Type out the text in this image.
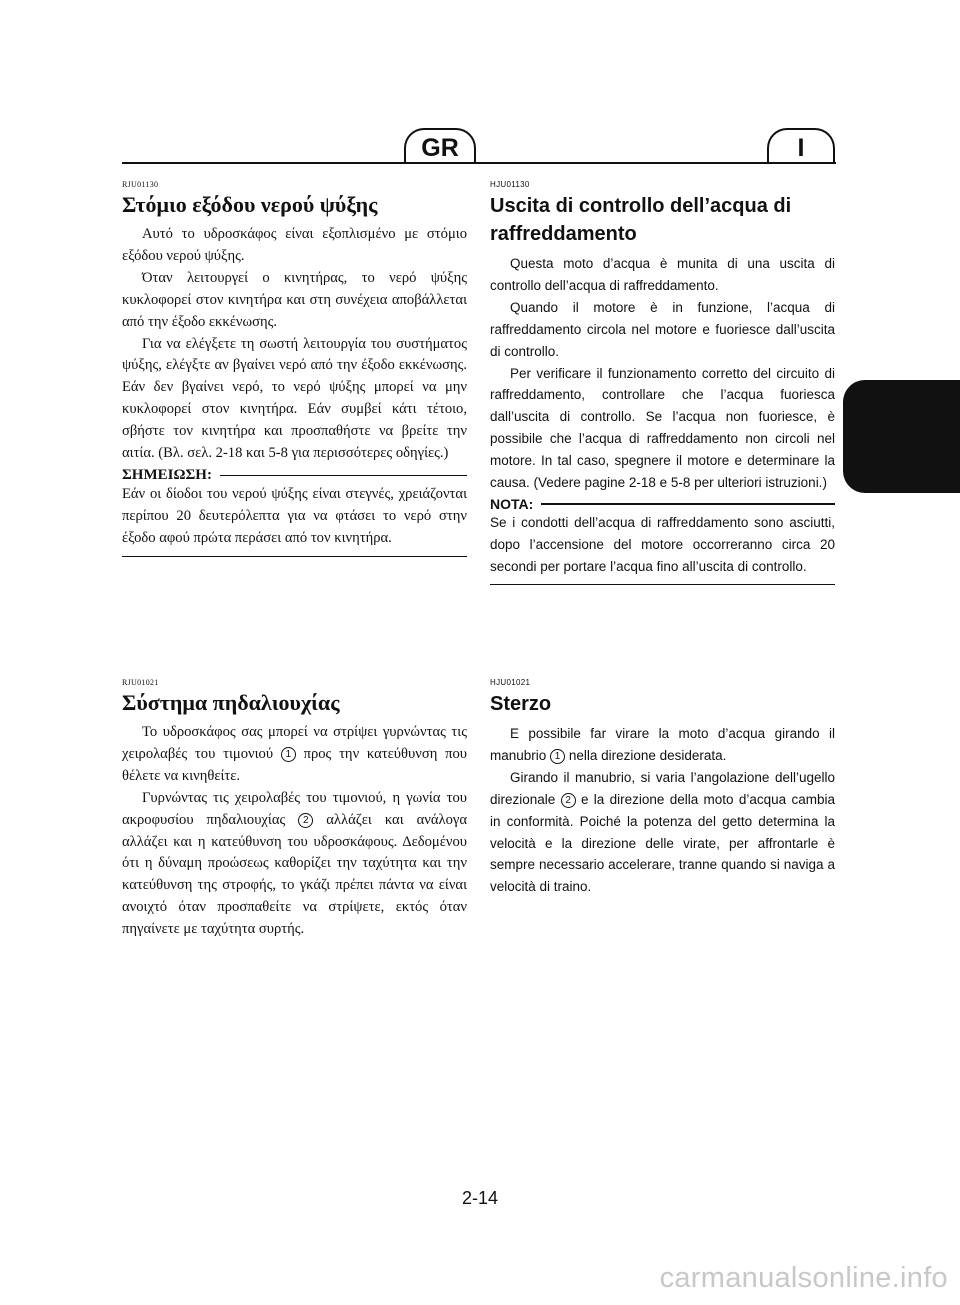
GR	I
RJU01130
Στόμιο εξόδου νερού ψύξης

Αυτό το υδροσκάφος είναι εξοπλισμένο με στόμιο εξόδου νερού ψύξης.

Όταν λειτουργεί ο κινητήρας, το νερό ψύξης κυκλοφορεί στον κινητήρα και στη συνέχεια αποβάλλεται από την έξοδο εκκένωσης.

Για να ελέγξετε τη σωστή λειτουργία του συστήματος ψύξης, ελέγξτε αν βγαίνει νερό από την έξοδο εκκένωσης. Εάν δεν βγαίνει νερό, το νερό ψύξης μπορεί να μην κυκλοφορεί στον κινητήρα. Εάν συμβεί κάτι τέτοιο, σβήστε τον κινητήρα και προσπαθήστε να βρείτε την αιτία. (Βλ. σελ. 2-18 και 5-8 για περισσότερες οδηγίες.)

ΣΗΜΕΙΩΣΗ:

Εάν οι δίοδοι του νερού ψύξης είναι στεγνές, χρειάζονται περίπου 20 δευτερόλεπτα για να φτάσει το νερό στην έξοδο αφού πρώτα περάσει από τον κινητήρα.

HJU01130
Uscita di controllo dell’acqua di raffreddamento

Questa moto d’acqua è munita di una uscita di controllo dell’acqua di raffreddamento.

Quando il motore è in funzione, l’acqua di raffreddamento circola nel motore e fuoriesce dall’uscita di controllo.

Per verificare il funzionamento corretto del circuito di raffreddamento, controllare che l’acqua fuoriesca dall’uscita di controllo. Se l’acqua non fuoriesce, è possibile che l’acqua di raffreddamento non circoli nel motore. In tal caso, spegnere il motore e determinare la causa. (Vedere pagine 2-18 e 5-8 per ulteriori istruzioni.)

NOTA:

Se i condotti dell’acqua di raffreddamento sono asciutti, dopo l’accensione del motore occorreranno circa 20 secondi per portare l’acqua fino all’uscita di controllo.

RJU01021
Σύστημα πηδαλιουχίας

Το υδροσκάφος σας μπορεί να στρίψει γυρνώντας τις χειρολαβές του τιμονιού 1 προς την κατεύθυνση που θέλετε να κινηθείτε.

Γυρνώντας τις χειρολαβές του τιμονιού, η γωνία του ακροφυσίου πηδαλιουχίας 2 αλλάζει και ανάλογα αλλάζει και η κατεύθυνση του υδροσκάφους. Δεδομένου ότι η δύναμη προώσεως καθορίζει την ταχύτητα και την κατεύθυνση της στροφής, το γκάζι πρέπει πάντα να είναι ανοιχτό όταν προσπαθείτε να στρίψετε, εκτός όταν πηγαίνετε με ταχύτητα συρτής.

HJU01021
Sterzo

E possibile far virare la moto d’acqua girando il manubrio 1 nella direzione desiderata.

Girando il manubrio, si varia l’angolazione dell’ugello direzionale 2 e la direzione della moto d’acqua cambia in conformità. Poiché la potenza del getto determina la velocità e la direzione delle virate, per affrontarle è sempre necessario accelerare, tranne quando si naviga a velocità di traino.

2-14
carmanualsonline.info
